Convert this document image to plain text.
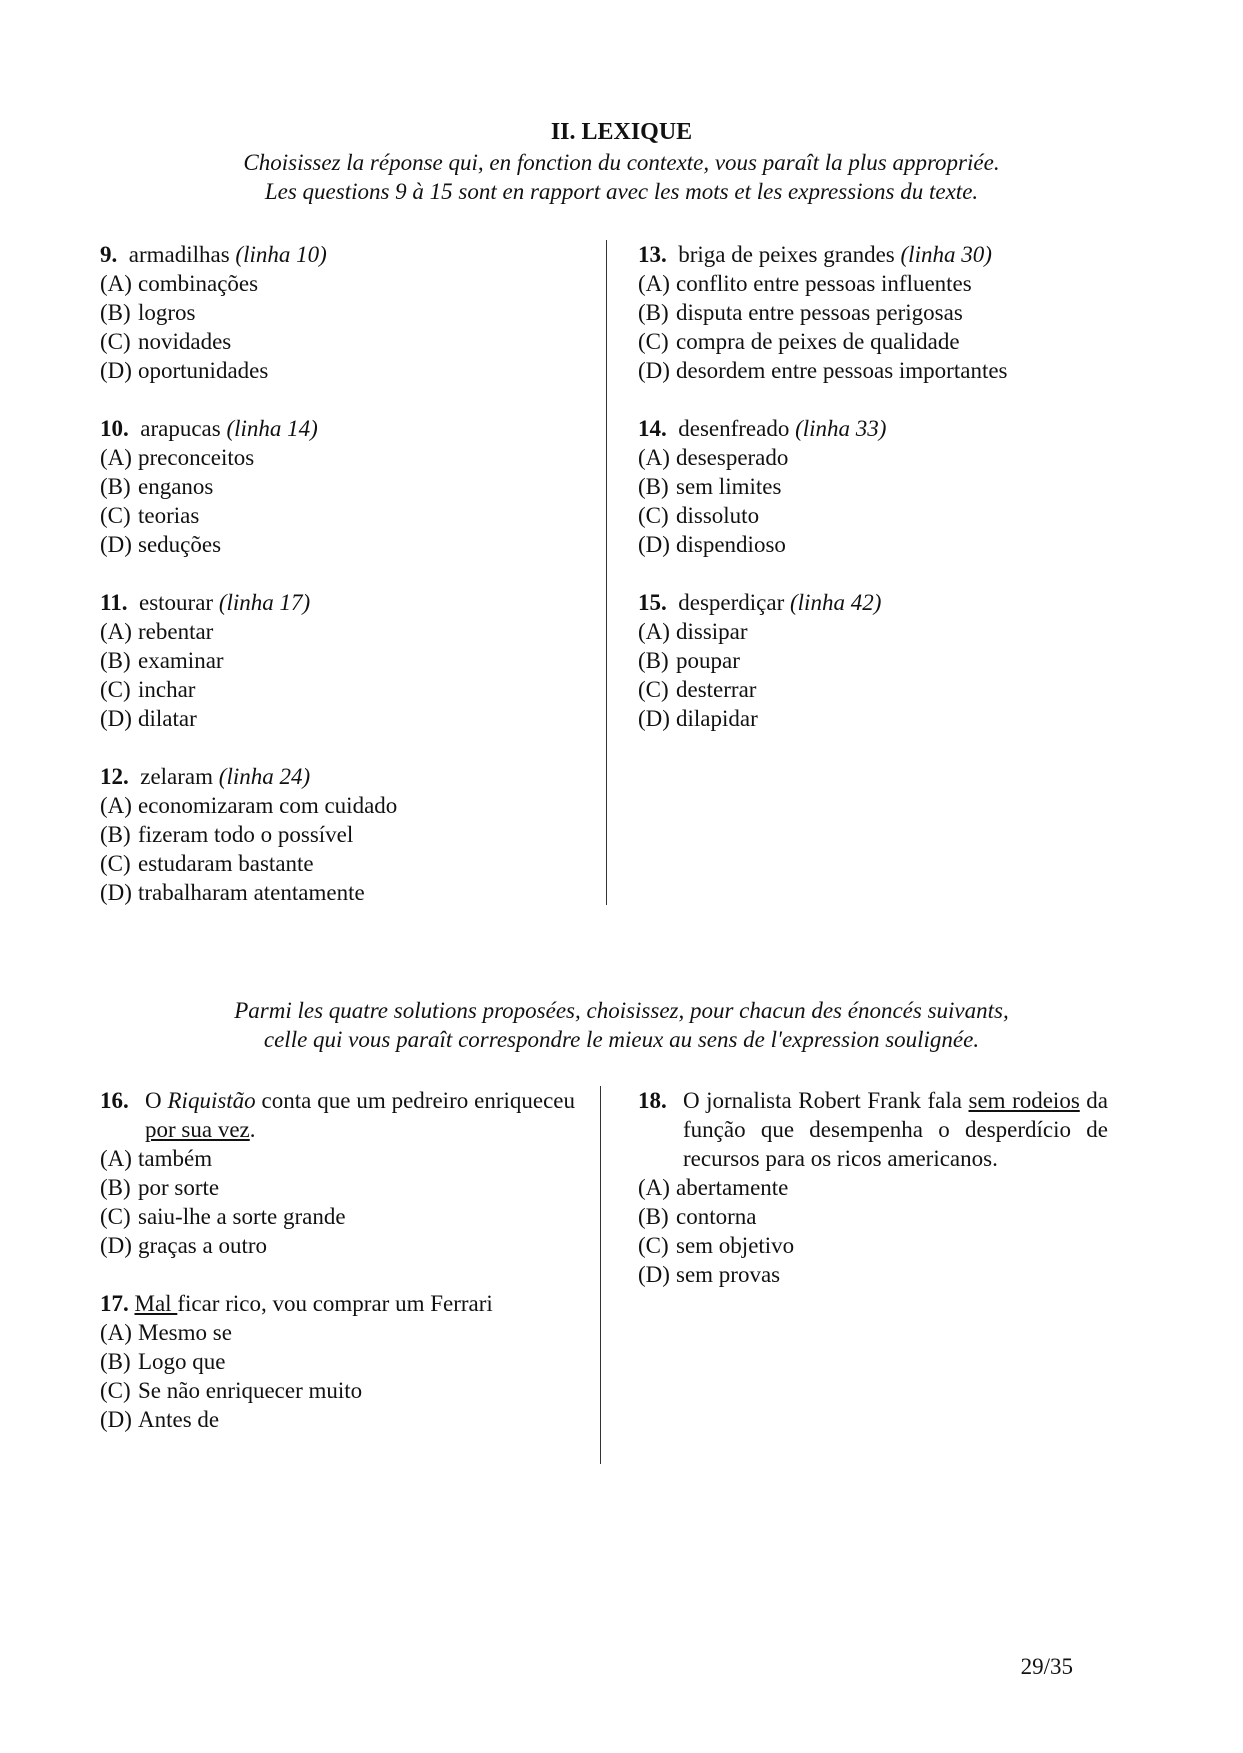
II. LEXIQUE
Choisissez la réponse qui, en fonction du contexte, vous paraît la plus appropriée.
Les questions 9 à 15 sont en rapport avec les mots et les expressions du texte.
9.
armadilhas
(linha 10)
(A) combinações
(B) logros
(C) novidades
(D) oportunidades
10.
arapucas
(linha 14)
(A) preconceitos
(B) enganos
(C) teorias
(D) seduções
11.
estourar
(linha 17)
(A) rebentar
(B) examinar
(C) inchar
(D) dilatar
12.
zelaram
(linha 24)
(A) economizaram com cuidado
(B) fizeram todo o possível
(C) estudaram bastante
(D) trabalharam atentamente
13.
briga de peixes grandes
(linha 30)
(A) conflito entre pessoas influentes
(B) disputa entre pessoas perigosas
(C) compra de peixes de qualidade
(D) desordem entre pessoas importantes
14.
desenfreado
(linha 33)
(A) desesperado
(B) sem limites
(C) dissoluto
(D) dispendioso
15.
desperdiçar
(linha 42)
(A) dissipar
(B) poupar
(C) desterrar
(D) dilapidar
Parmi les quatre solutions proposées, choisissez, pour chacun des énoncés suivants,
celle qui vous paraît correspondre le mieux au sens de l'expression soulignée.
16. O Riquistão conta que um pedreiro enriqueceu por sua vez.
(A) também
(B) por sorte
(C) saiu-lhe a sorte grande
(D) graças a outro
17.
Mal ficar rico, vou comprar um Ferrari
(A) Mesmo se
(B) Logo que
(C) Se não enriquecer muito
(D) Antes de
18. O jornalista Robert Frank fala sem rodeios da função que desempenha o desperdício de recursos para os ricos americanos.
(A) abertamente
(B) contorna
(C) sem objetivo
(D) sem provas
29/35
